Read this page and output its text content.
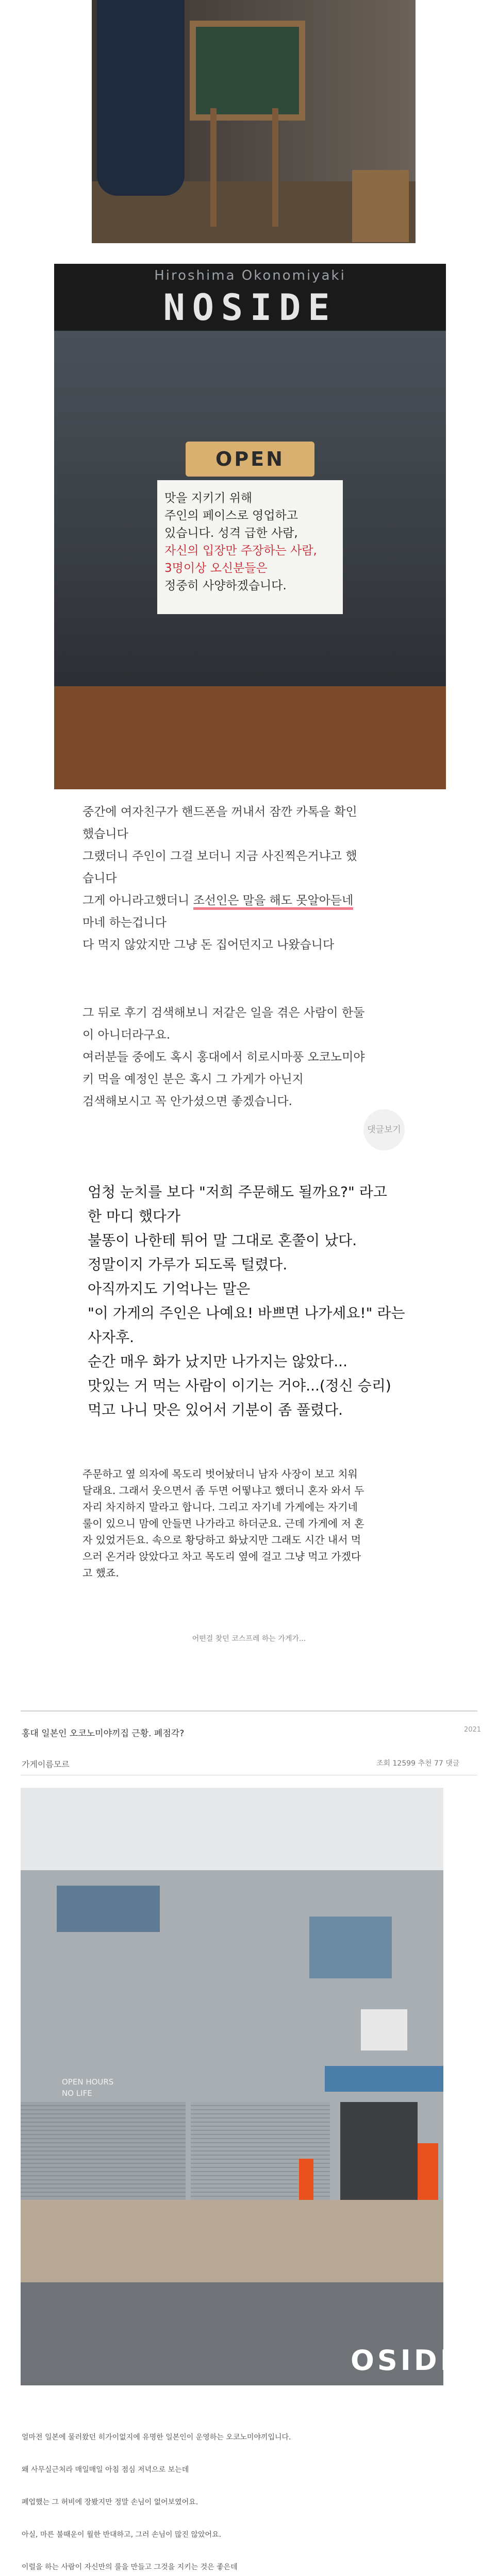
Hiroshima Okonomiyaki
NOSIDE
OPEN
맛을 지키기 위해
주인의 페이스로 영업하고
있습니다. 성격 급한 사람,
자신의 입장만 주장하는 사람,
3명이상 오신분들은
정중히 사양하겠습니다.

중간에 여자친구가 핸드폰을 꺼내서 잠깐 카톡을 확인

했습니다

그랬더니 주인이 그걸 보더니 지금 사진찍은거냐고 했

습니다

그게 아니라고했더니 조선인은 말을 해도 못알아듣네

마네 하는겁니다

다 먹지 않았지만 그냥 돈 집어던지고 나왔습니다

그 뒤로 후기 검색해보니 저같은 일을 겪은 사람이 한둘

이 아니더라구요.

여러분들 중에도 혹시 홍대에서 히로시마풍 오코노미야

키 먹을 예정인 분은 혹시 그 가게가 아닌지

검색해보시고 꼭 안가셨으면 좋겠습니다.

댓글보기

엄청 눈치를 보다 "저희 주문해도 될까요?" 라고

한 마디 했다가

불똥이 나한테 튀어 말 그대로 혼쭐이 났다.

정말이지 가루가 되도록 털렸다.

아직까지도 기억나는 말은

"이 가게의 주인은 나예요! 바쁘면 나가세요!" 라는

사자후.

순간 매우 화가 났지만 나가지는 않았다...

맛있는 거 먹는 사람이 이기는 거야...(정신 승리)

먹고 나니 맛은 있어서 기분이 좀 풀렸다.

주문하고 옆 의자에 목도리 벗어놨더니 남자 사장이 보고 치워
달래요. 그래서 웃으면서 좀 두면 어떻냐고 했더니 혼자 와서 두
자리 차지하지 말라고 합니다. 그리고 자기네 가게에는 자기네
룰이 있으니 맘에 안들면 나가라고 하더군요. 근데 가게에 저 혼
자 있었거든요. 속으로 황당하고 화났지만 그래도 시간 내서 먹
으러 온거라 앉았다고 차고 목도리 옆에 걸고 그냥 먹고 가겠다
고 했죠.
어떤걸 찾던 코스프레 하는 가게가...
홍대 일본인 오코노미야끼집 근황. 폐점각?	2021
가게이름모르	조회 12599 추천 77 댓글
OPEN HOURS
NO LIFE
OSIDE
얼마전 일본에 물러왔던 히가이없지에 유명한 일본인이 운영하는 오코노미야끼입니다.
왜 사무실근처라 매일매일 아침 점심 저녁으로 보는데
폐업했는 그 허비에 장봤지만 정말 손님이 없어보였어요.
아실, 마른 불때운이 월한 반대하고, 그러 손님이 많진 않았어요.
이럴을 하는 사람이 자신만의 룰을 만들고 그것을 지키는 것은 좋은데
